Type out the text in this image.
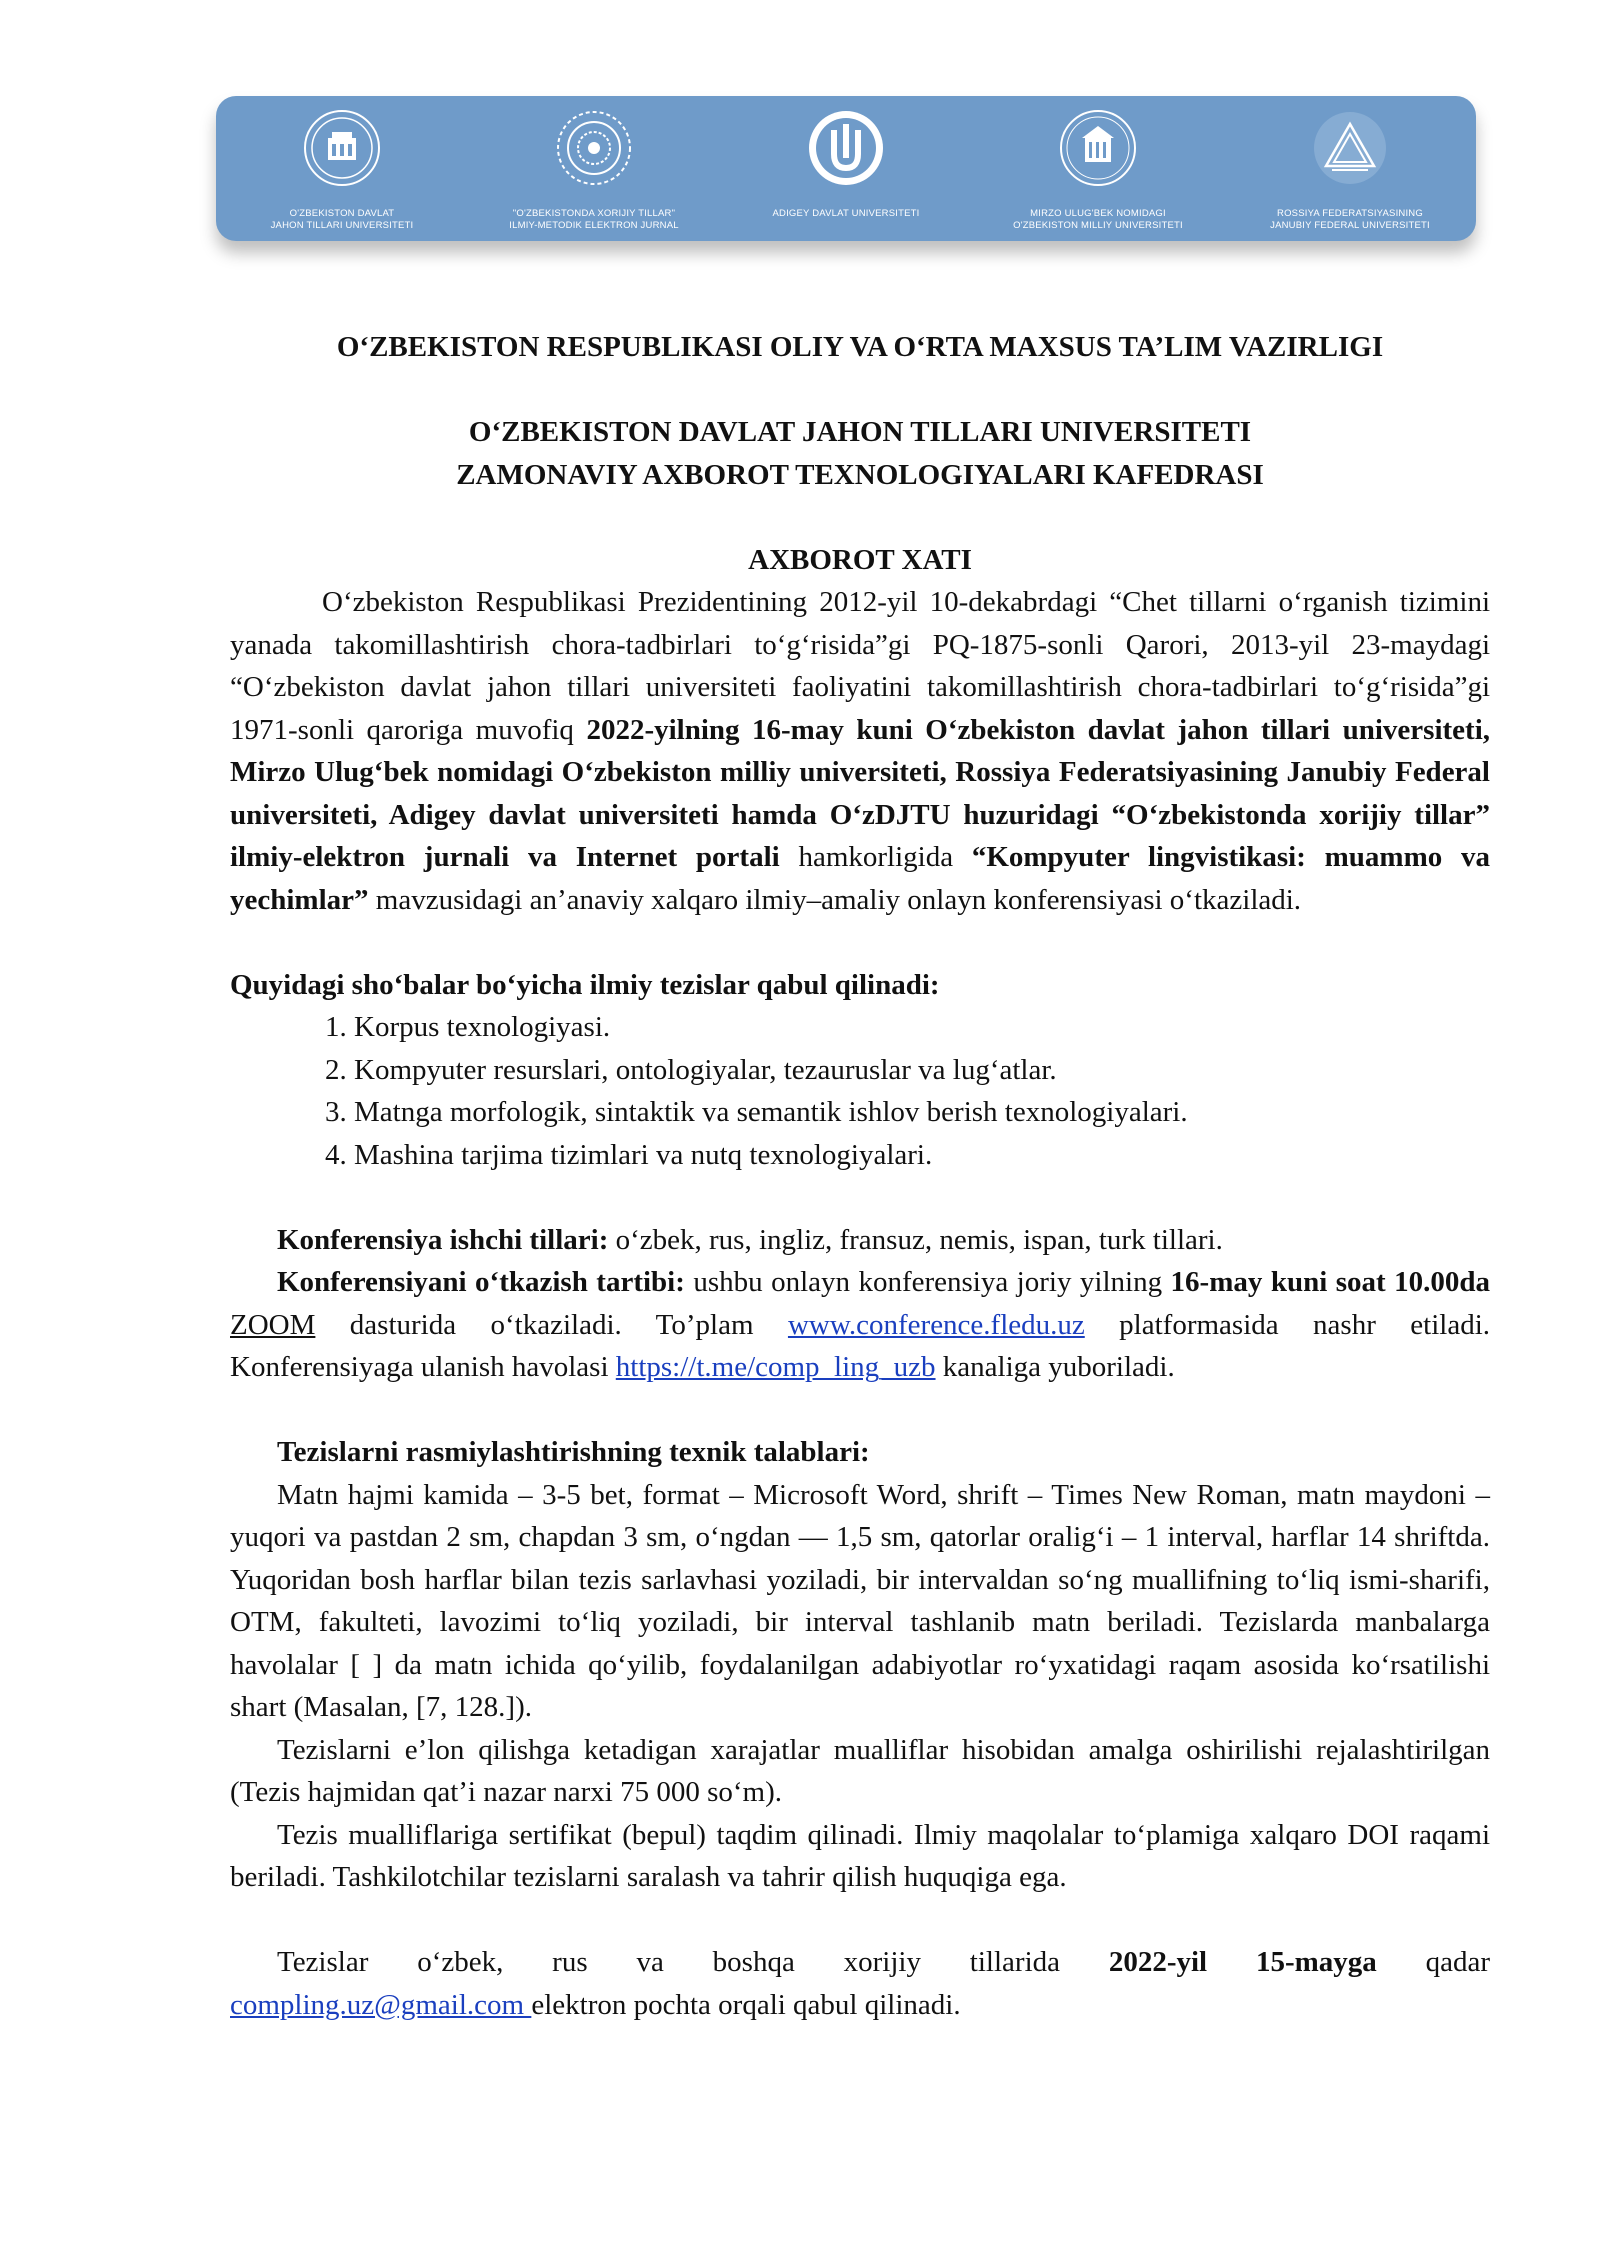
O'ZBEKISTON DAVLAT
JAHON TILLARI UNIVERSITETI
"O'ZBEKISTONDA XORIJIY TILLAR"
ILMIY-METODIK ELEKTRON JURNAL
ADIGEY DAVLAT UNIVERSITETI	MIRZO ULUG'BEK NOMIDAGI
O'ZBEKISTON MILLIY UNIVERSITETI
ROSSIYA FEDERATSIYASINING
JANUBIY FEDERAL UNIVERSITETI

O‘ZBEKISTON RESPUBLIKASI OLIY VA O‘RTA MAXSUS TA’LIM VAZIRLIGI

O‘ZBEKISTON DAVLAT JAHON TILLARI UNIVERSITETI

ZAMONAVIY AXBOROT TEXNOLOGIYALARI KAFEDRASI

AXBOROT XATI

O‘zbekiston Respublikasi Prezidentining 2012-yil 10-dekabrdagi “Chet tillarni o‘rganish tizimini yanada takomillashtirish chora-tadbirlari to‘g‘risida”gi PQ-1875-sonli Qarori, 2013-yil 23-maydagi “O‘zbekiston davlat jahon tillari universiteti faoliyatini takomillashtirish chora-tadbirlari to‘g‘risida”gi 1971-sonli qaroriga muvofiq 2022-yilning 16-may kuni O‘zbekiston davlat jahon tillari universiteti, Mirzo Ulug‘bek nomidagi O‘zbekiston milliy universiteti, Rossiya Federatsiyasining Janubiy Federal universiteti, Adigey davlat universiteti hamda O‘zDJTU huzuridagi “O‘zbekistonda xorijiy tillar” ilmiy-elektron jurnali va Internet portali hamkorligida “Kompyuter lingvistikasi: muammo va yechimlar” mavzusidagi an’anaviy xalqaro ilmiy–amaliy onlayn konferensiyasi o‘tkaziladi.

Quyidagi sho‘balar bo‘yicha ilmiy tezislar qabul qilinadi:

1. Korpus texnologiyasi.
2. Kompyuter resurslari, ontologiyalar, tezauruslar va lug‘atlar.
3. Matnga morfologik, sintaktik va semantik ishlov berish texnologiyalari.
4. Mashina tarjima tizimlari va nutq texnologiyalari.

Konferensiya ishchi tillari: o‘zbek, rus, ingliz, fransuz, nemis, ispan, turk tillari.

Konferensiyani o‘tkazish tartibi: ushbu onlayn konferensiya joriy yilning 16-may kuni soat 10.00da ZOOM dasturida o‘tkaziladi. To’plam www.conference.fledu.uz platformasida nashr etiladi. Konferensiyaga ulanish havolasi https://t.me/comp_ling_uzb kanaliga yuboriladi.

Tezislarni rasmiylashtirishning texnik talablari:

Matn hajmi kamida – 3-5 bet, format – Microsoft Word, shrift – Times New Roman, matn maydoni – yuqori va pastdan 2 sm, chapdan 3 sm, o‘ngdan — 1,5 sm, qatorlar oralig‘i – 1 interval, harflar 14 shriftda. Yuqoridan bosh harflar bilan tezis sarlavhasi yoziladi, bir intervaldan so‘ng muallifning to‘liq ismi-sharifi, OTM, fakulteti, lavozimi to‘liq yoziladi, bir interval tashlanib matn beriladi. Tezislarda manbalarga havolalar [ ] da matn ichida qo‘yilib, foydalanilgan adabiyotlar ro‘yxatidagi raqam asosida ko‘rsatilishi shart (Masalan, [7, 128.]).

Tezislarni e’lon qilishga ketadigan xarajatlar mualliflar hisobidan amalga oshirilishi rejalashtirilgan (Tezis hajmidan qat’i nazar narxi 75 000 so‘m).

Tezis mualliflariga sertifikat (bepul) taqdim qilinadi. Ilmiy maqolalar to‘plamiga xalqaro DOI raqami beriladi. Tashkilotchilar tezislarni saralash va tahrir qilish huquqiga ega.

Tezislar o‘zbek, rus va boshqa xorijiy tillarida 2022-yil 15-mayga qadar

compling.uz@gmail.com elektron pochta orqali qabul qilinadi.
